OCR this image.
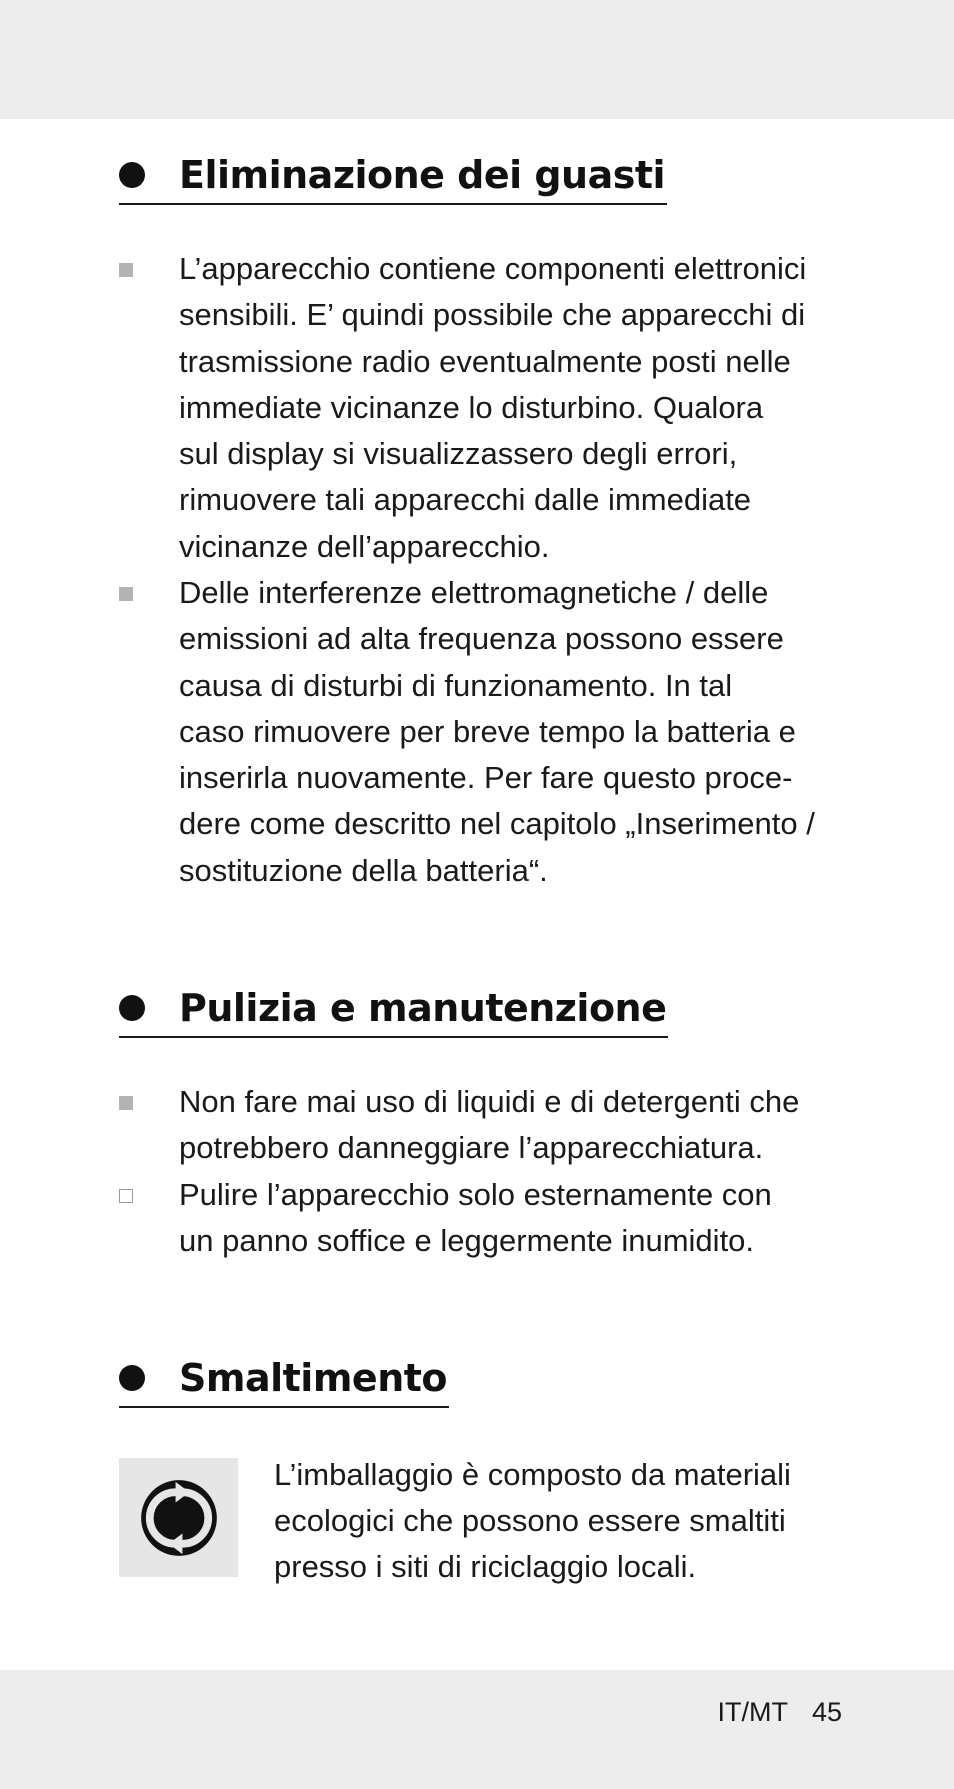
Eliminazione dei guasti
L’apparecchio contiene componenti elettronici
sensibili. E’ quindi possibile che apparecchi di
trasmissione radio eventualmente posti nelle
immediate vicinanze lo disturbino. Qualora
sul display si visualizzassero degli errori,
rimuovere tali apparecchi dalle immediate
vicinanze dell’apparecchio.
Delle interferenze elettromagnetiche / delle
emissioni ad alta frequenza possono essere
causa di disturbi di funzionamento. In tal
caso rimuovere per breve tempo la batteria e
inserirla nuovamente. Per fare questo proce-
dere come descritto nel capitolo „Inserimento /
sostituzione della batteria“.
Pulizia e manutenzione
Non fare mai uso di liquidi e di detergenti che
potrebbero danneggiare l’apparecchiatura.
Pulire l’apparecchio solo esternamente con
un panno soffice e leggermente inumidito.
Smaltimento
L’imballaggio è composto da materiali
ecologici che possono essere smaltiti
presso i siti di riciclaggio locali.
IT/MT 45
